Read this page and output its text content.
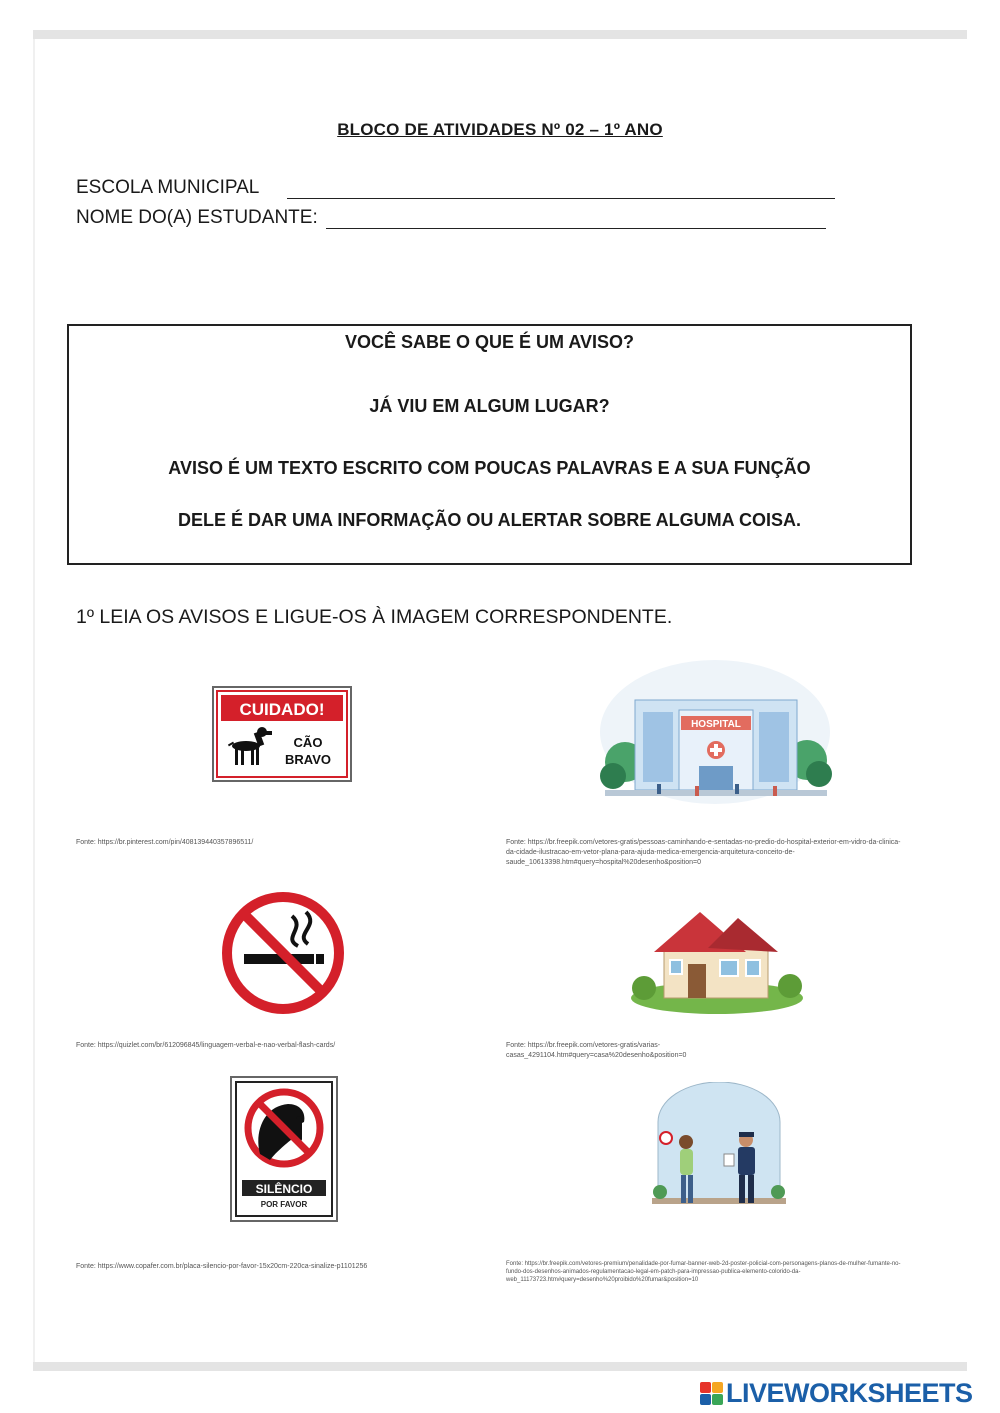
BLOCO DE ATIVIDADES Nº 02 – 1º ANO
ESCOLA MUNICIPAL
NOME DO(A) ESTUDANTE:

VOCÊ SABE O QUE É UM AVISO?

JÁ VIU EM ALGUM LUGAR?

AVISO É UM TEXTO ESCRITO COM POUCAS PALAVRAS E A SUA FUNÇÃO

DELE É DAR UMA INFORMAÇÃO OU ALERTAR SOBRE ALGUMA COISA.

1º LEIA OS AVISOS E LIGUE-OS À IMAGEM CORRESPONDENTE.
CUIDADO!
CÃO
BRAVO
HOSPITAL
Fonte: https://br.pinterest.com/pin/408139440357896511/	Fonte: https://br.freepik.com/vetores-gratis/pessoas-caminhando-e-sentadas-no-predio-do-hospital-exterior-em-vidro-da-clinica-da-cidade-ilustracao-em-vetor-plana-para-ajuda-medica-emergencia-arquitetura-conceito-de-saude_10613398.htm#query=hospital%20desenho&position=0
Fonte: https://quizlet.com/br/612096845/linguagem-verbal-e-nao-verbal-flash-cards/	Fonte: https://br.freepik.com/vetores-gratis/varias-casas_4291104.htm#query=casa%20desenho&position=0
SILÊNCIO
POR FAVOR
Fonte: https://www.copafer.com.br/placa-silencio-por-favor-15x20cm-220ca-sinalize-p1101256	Fonte: https://br.freepik.com/vetores-premium/penalidade-por-fumar-banner-web-2d-poster-policial-com-personagens-planos-de-mulher-fumante-no-fundo-dos-desenhos-animados-regulamentacao-legal-em-patch-para-impressao-publica-elemento-colorido-da-web_11173723.htm#query=desenho%20proibido%20fumar&position=10
LIVEWORKSHEETS
